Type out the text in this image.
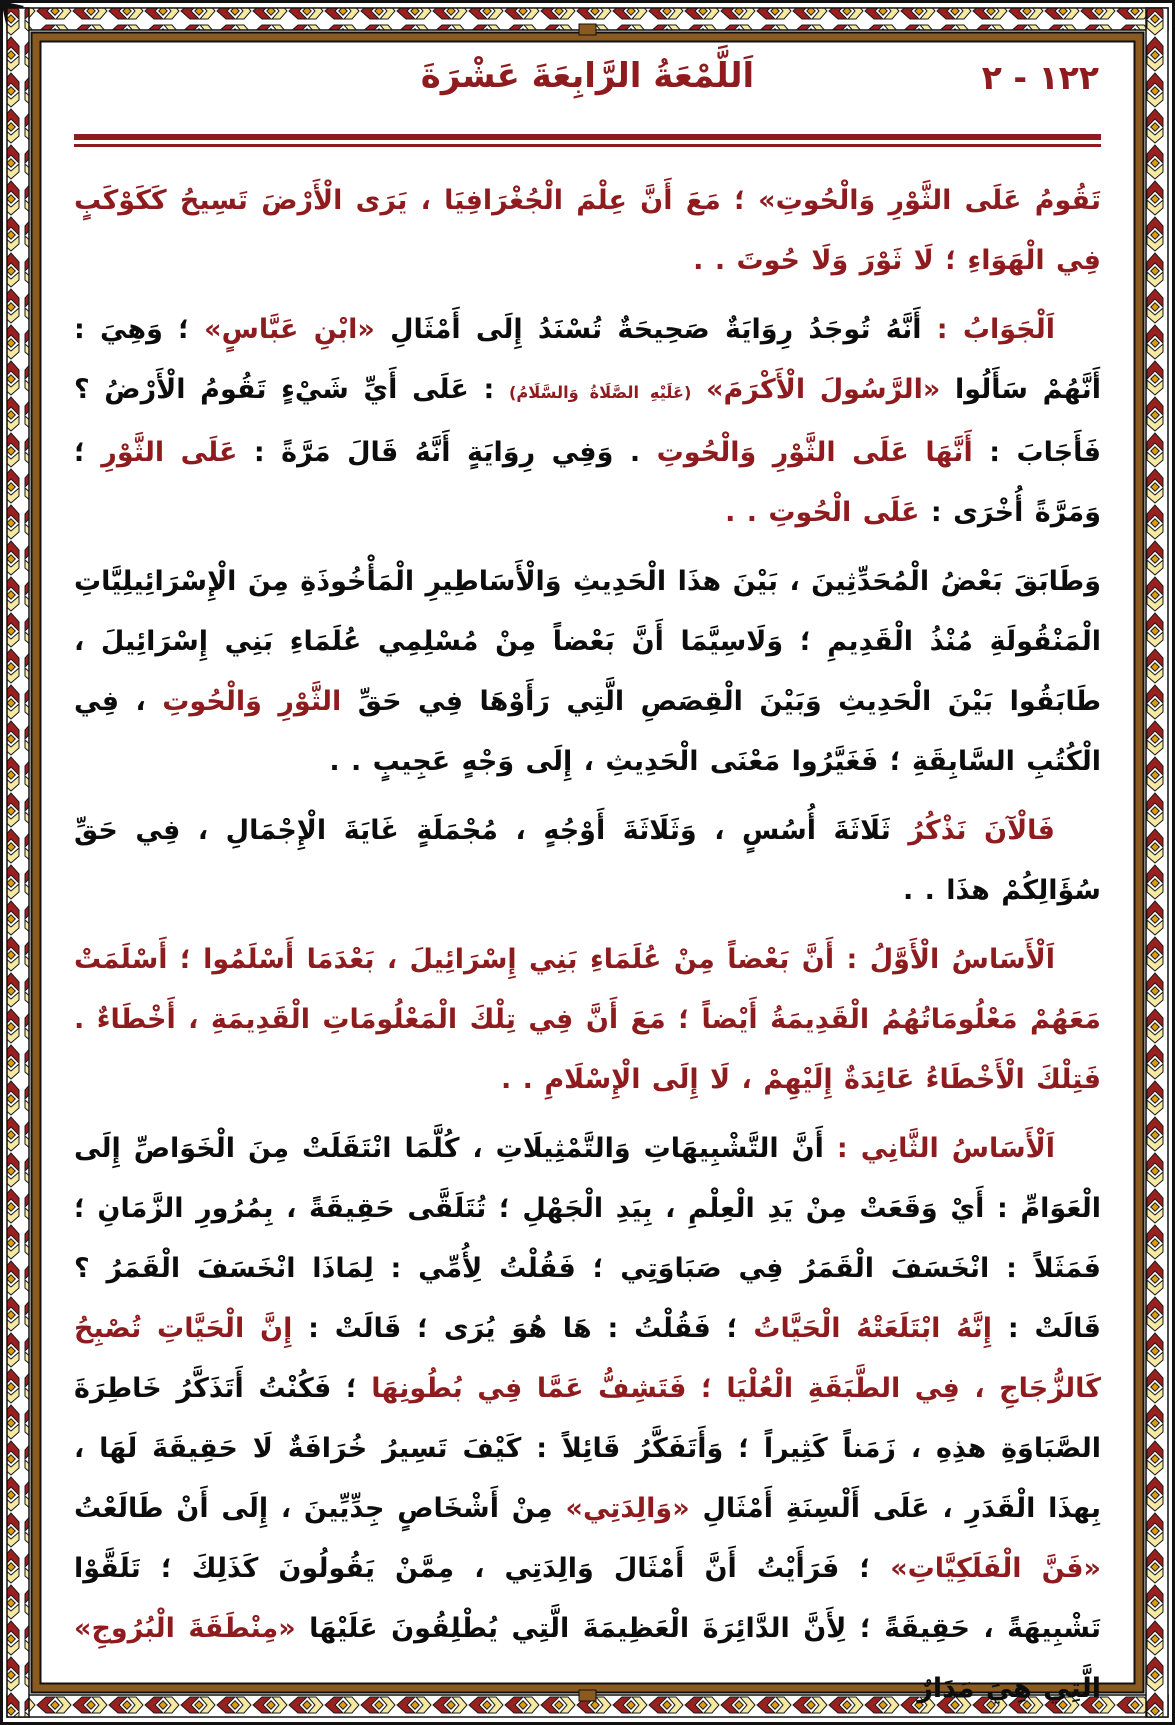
١٢٢ - ٢
اَللَّمْعَةُ الرَّابِعَةَ عَشْرَةَ

تَقُومُ عَلَى الثَّوْرِ وَالْحُوتِ» ؛ مَعَ أَنَّ عِلْمَ الْجُغْرَافِيَا ، يَرَى الْأَرْضَ تَسِيحُ كَكَوْكَبٍ فِي الْهَوَاءِ ؛ لَا ثَوْرَ وَلَا حُوتَ . .

اَلْجَوَابُ : أَنَّهُ تُوجَدُ رِوَايَةٌ صَحِيحَةٌ تُسْنَدُ إِلَى أَمْثَالِ «ابْنِ عَبَّاسٍ» ؛ وَهِيَ : أَنَّهُمْ سَأَلُوا «الرَّسُولَ الْأَكْرَمَ» (عَلَيْهِ الصَّلَاةُ وَالسَّلَامُ) : عَلَى أَيِّ شَيْءٍ تَقُومُ الْأَرْضُ ؟ فَأَجَابَ : أَنَّهَا عَلَى الثَّوْرِ وَالْحُوتِ . وَفِي رِوَايَةٍ أَنَّهُ قَالَ مَرَّةً : عَلَى الثَّوْرِ ؛ وَمَرَّةً أُخْرَى : عَلَى الْحُوتِ . .

وَطَابَقَ بَعْضُ الْمُحَدِّثِينَ ، بَيْنَ هذَا الْحَدِيثِ وَالْأَسَاطِيرِ الْمَأْخُوذَةِ مِنَ الْإِسْرَائِيلِيَّاتِ الْمَنْقُولَةِ مُنْذُ الْقَدِيمِ ؛ وَلَاسِيَّمَا أَنَّ بَعْضاً مِنْ مُسْلِمِي عُلَمَاءِ بَنِي إِسْرَائِيلَ ، طَابَقُوا بَيْنَ الْحَدِيثِ وَبَيْنَ الْقِصَصِ الَّتِي رَأَوْهَا فِي حَقِّ الثَّوْرِ وَالْحُوتِ ، فِي الْكُتُبِ السَّابِقَةِ ؛ فَغَيَّرُوا مَعْنَى الْحَدِيثِ ، إِلَى وَجْهٍ عَجِيبٍ . .

فَالْآنَ نَذْكُرُ ثَلَاثَةَ أُسُسٍ ، وَثَلَاثَةَ أَوْجُهٍ ، مُجْمَلَةٍ غَايَةَ الْإِجْمَالِ ، فِي حَقِّ سُؤَالِكُمْ هذَا . .

اَلْأَسَاسُ الْأَوَّلُ : أَنَّ بَعْضاً مِنْ عُلَمَاءِ بَنِي إِسْرَائِيلَ ، بَعْدَمَا أَسْلَمُوا ؛ أَسْلَمَتْ مَعَهُمْ مَعْلُومَاتُهُمُ الْقَدِيمَةُ أَيْضاً ؛ مَعَ أَنَّ فِي تِلْكَ الْمَعْلُومَاتِ الْقَدِيمَةِ ، أَخْطَاءٌ . فَتِلْكَ الْأَخْطَاءُ عَائِدَةٌ إِلَيْهِمْ ، لَا إِلَى الْإِسْلَامِ . .

اَلْأَسَاسُ الثَّانِي : أَنَّ التَّشْبِيهَاتِ وَالتَّمْثِيلَاتِ ، كُلَّمَا انْتَقَلَتْ مِنَ الْخَوَاصِّ إِلَى الْعَوَامِّ : أَيْ وَقَعَتْ مِنْ يَدِ الْعِلْمِ ، بِيَدِ الْجَهْلِ ؛ تُتَلَقَّى حَقِيقَةً ، بِمُرُورِ الزَّمَانِ ؛ فَمَثَلاً : انْخَسَفَ الْقَمَرُ فِي صَبَاوَتِي ؛ فَقُلْتُ لِأُمِّي : لِمَاذَا انْخَسَفَ الْقَمَرُ ؟ قَالَتْ : إِنَّهُ ابْتَلَعَتْهُ الْحَيَّاتُ ؛ فَقُلْتُ : هَا هُوَ يُرَى ؛ قَالَتْ : إِنَّ الْحَيَّاتِ تُصْبِحُ كَالزُّجَاجِ ، فِي الطَّبَقَةِ الْعُلْيَا ؛ فَتَشِفُّ عَمَّا فِي بُطُونِهَا ؛ فَكُنْتُ أَتَذَكَّرُ خَاطِرَةَ الصَّبَاوَةِ هذِهِ ، زَمَناً كَثِيراً ؛ وَأَتَفَكَّرُ قَائِلاً : كَيْفَ تَسِيرُ خُرَافَةٌ لَا حَقِيقَةَ لَهَا ، بِهذَا الْقَدَرِ ، عَلَى أَلْسِنَةِ أَمْثَالِ «وَالِدَتِي» مِنْ أَشْخَاصٍ جِدِّيِّينَ ، إِلَى أَنْ طَالَعْتُ «فَنَّ الْفَلَكِيَّاتِ» ؛ فَرَأَيْتُ أَنَّ أَمْثَالَ وَالِدَتِي ، مِمَّنْ يَقُولُونَ كَذَلِكَ ؛ تَلَقَّوْا تَشْبِيهَةً ، حَقِيقَةً ؛ لِأَنَّ الدَّائِرَةَ الْعَظِيمَةَ الَّتِي يُطْلِقُونَ عَلَيْهَا «مِنْطَقَةَ الْبُرُوجِ» الَّتِي هِيَ مَدَارٌ
